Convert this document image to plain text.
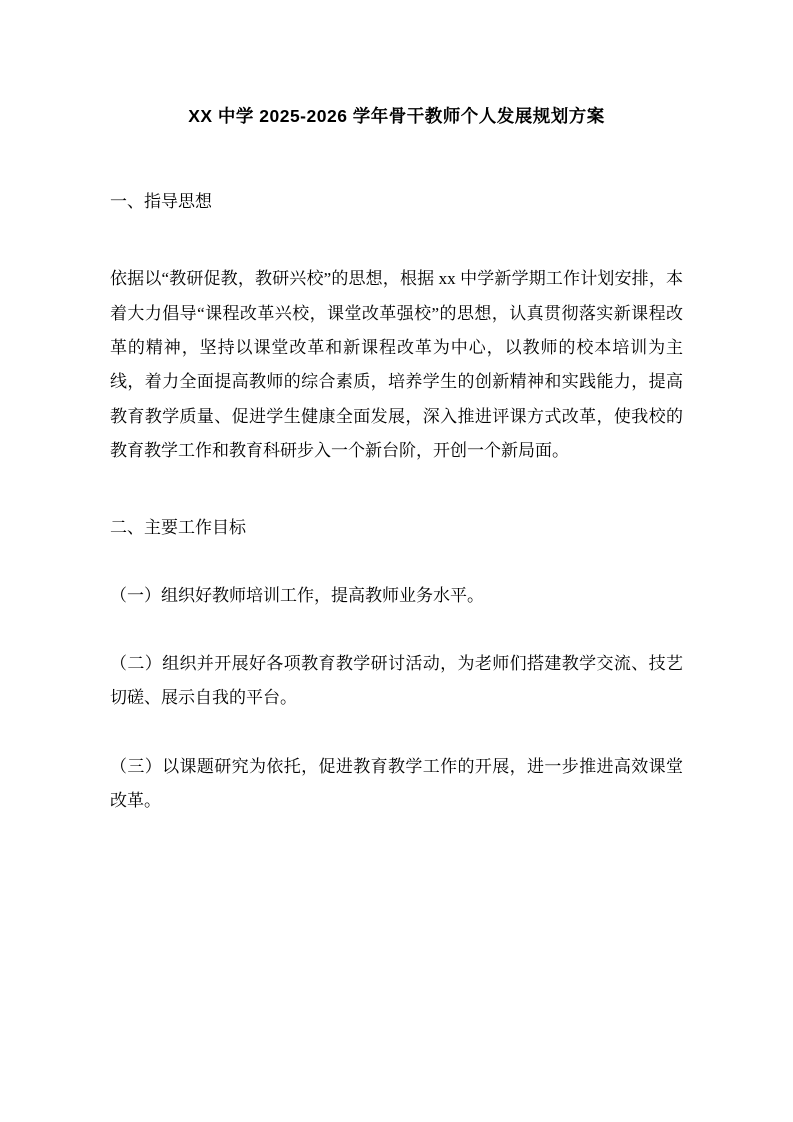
XX 中学 2025-2026 学年骨干教师个人发展规划方案

一、指导思想

依据以“教研促教，教研兴校”的思想，根据 xx 中学新学期工作计划安排，本着大力倡导“课程改革兴校，课堂改革强校”的思想，认真贯彻落实新课程改革的精神，坚持以课堂改革和新课程改革为中心，以教师的校本培训为主线，着力全面提高教师的综合素质，培养学生的创新精神和实践能力，提高教育教学质量、促进学生健康全面发展，深入推进评课方式改革，使我校的教育教学工作和教育科研步入一个新台阶，开创一个新局面。

二、主要工作目标

（一）组织好教师培训工作，提高教师业务水平。

（二）组织并开展好各项教育教学研讨活动，为老师们搭建教学交流、技艺切磋、展示自我的平台。

（三）以课题研究为依托，促进教育教学工作的开展，进一步推进高效课堂改革。
